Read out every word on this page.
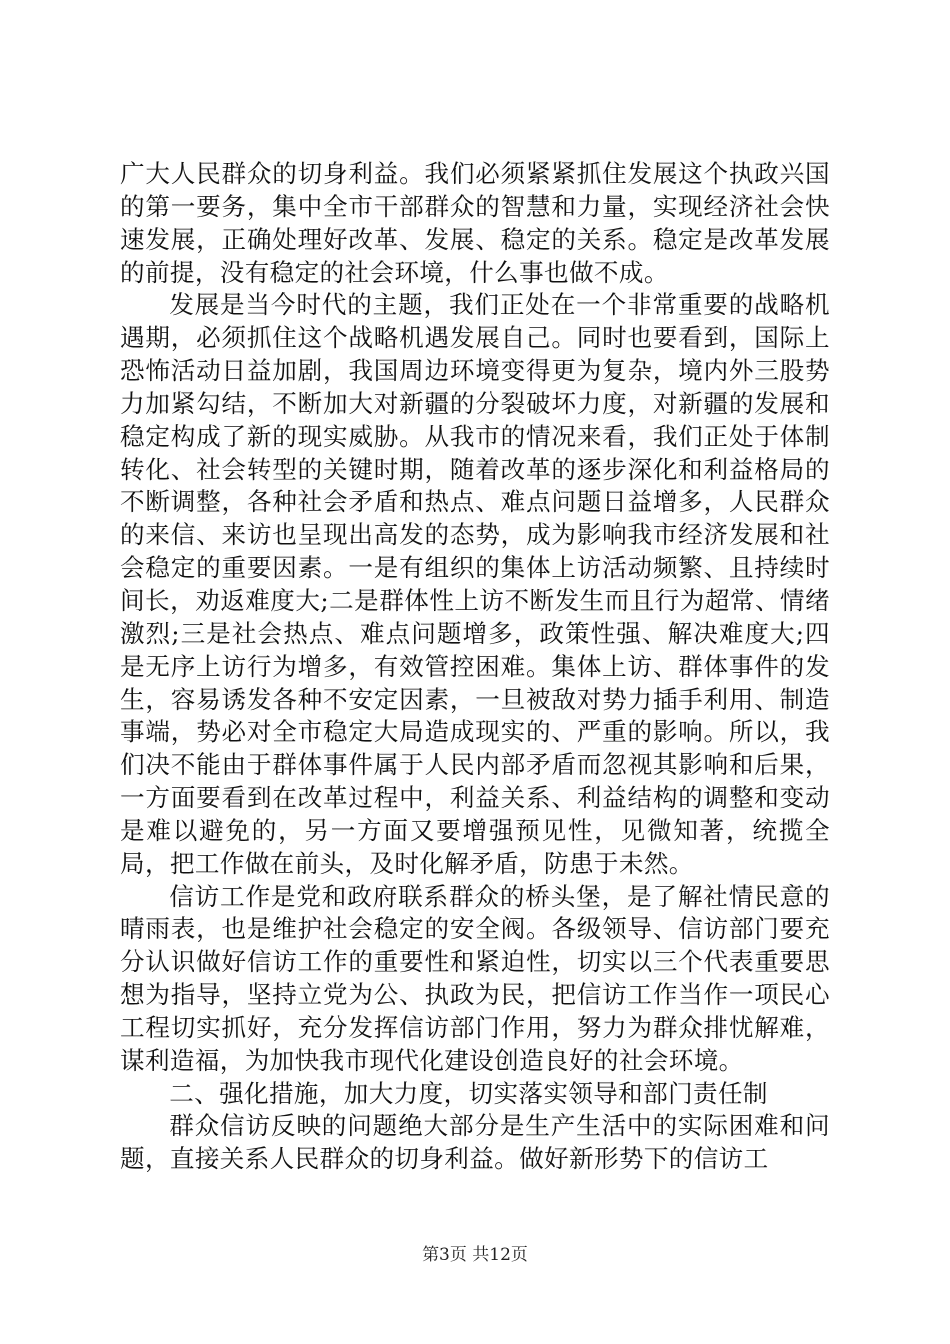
广大人民群众的切身利益。我们必须紧紧抓住发展这个执政兴国的第一要务，集中全市干部群众的智慧和力量，实现经济社会快速发展，正确处理好改革、发展、稳定的关系。稳定是改革发展的前提，没有稳定的社会环境，什么事也做不成。

发展是当今时代的主题，我们正处在一个非常重要的战略机遇期，必须抓住这个战略机遇发展自己。同时也要看到，国际上恐怖活动日益加剧，我国周边环境变得更为复杂，境内外三股势力加紧勾结，不断加大对新疆的分裂破坏力度，对新疆的发展和稳定构成了新的现实威胁。从我市的情况来看，我们正处于体制转化、社会转型的关键时期，随着改革的逐步深化和利益格局的不断调整，各种社会矛盾和热点、难点问题日益增多，人民群众的来信、来访也呈现出高发的态势，成为影响我市经济发展和社会稳定的重要因素。一是有组织的集体上访活动频繁、且持续时间长，劝返难度大;二是群体性上访不断发生而且行为超常、情绪激烈;三是社会热点、难点问题增多，政策性强、解决难度大;四是无序上访行为增多，有效管控困难。集体上访、群体事件的发生，容易诱发各种不安定因素，一旦被敌对势力插手利用、制造事端，势必对全市稳定大局造成现实的、严重的影响。所以，我们决不能由于群体事件属于人民内部矛盾而忽视其影响和后果，一方面要看到在改革过程中，利益关系、利益结构的调整和变动是难以避免的，另一方面又要增强预见性，见微知著，统揽全局，把工作做在前头，及时化解矛盾，防患于未然。

信访工作是党和政府联系群众的桥头堡，是了解社情民意的晴雨表，也是维护社会稳定的安全阀。各级领导、信访部门要充分认识做好信访工作的重要性和紧迫性，切实以三个代表重要思想为指导，坚持立党为公、执政为民，把信访工作当作一项民心工程切实抓好，充分发挥信访部门作用，努力为群众排忧解难，谋利造福，为加快我市现代化建设创造良好的社会环境。

二、强化措施，加大力度，切实落实领导和部门责任制

群众信访反映的问题绝大部分是生产生活中的实际困难和问题，直接关系人民群众的切身利益。做好新形势下的信访工

第3页 共12页
